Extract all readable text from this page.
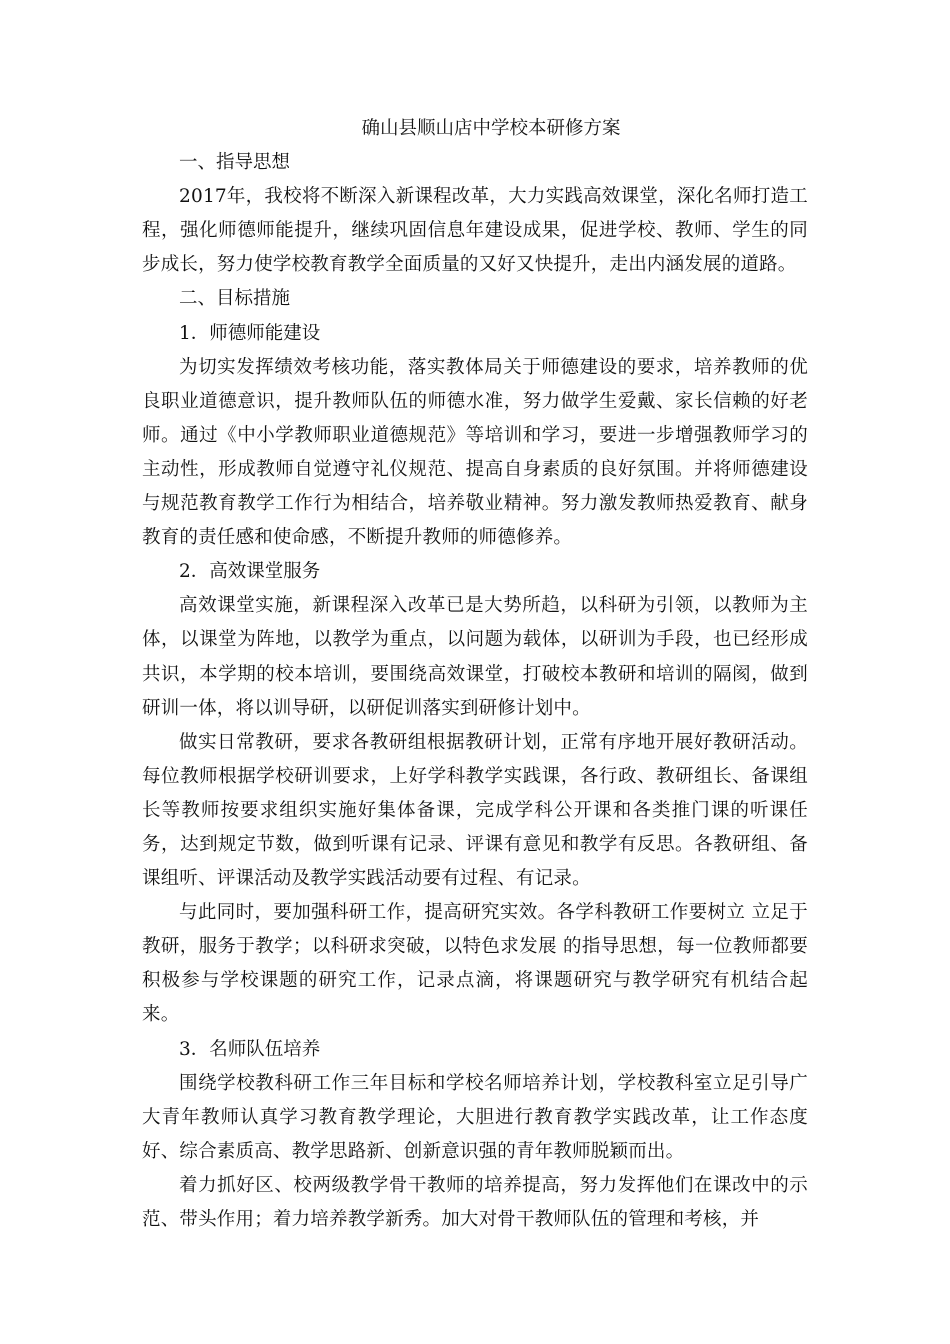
确山县顺山店中学校本研修方案

一、指导思想

2017年，我校将不断深入新课程改革，大力实践高效课堂，深化名师打造工程，强化师德师能提升，继续巩固信息年建设成果，促进学校、教师、学生的同步成长，努力使学校教育教学全面质量的又好又快提升，走出内涵发展的道路。

二、目标措施

1．师德师能建设

为切实发挥绩效考核功能，落实教体局关于师德建设的要求，培养教师的优良职业道德意识，提升教师队伍的师德水准，努力做学生爱戴、家长信赖的好老师。通过《中小学教师职业道德规范》等培训和学习，要进一步增强教师学习的主动性，形成教师自觉遵守礼仪规范、提高自身素质的良好氛围。并将师德建设与规范教育教学工作行为相结合，培养敬业精神。努力激发教师热爱教育、献身教育的责任感和使命感，不断提升教师的师德修养。

2．高效课堂服务

高效课堂实施，新课程深入改革已是大势所趋，以科研为引领，以教师为主体，以课堂为阵地，以教学为重点，以问题为载体，以研训为手段，也已经形成共识，本学期的校本培训，要围绕高效课堂，打破校本教研和培训的隔阂，做到研训一体，将以训导研，以研促训落实到研修计划中。

做实日常教研，要求各教研组根据教研计划，正常有序地开展好教研活动。每位教师根据学校研训要求，上好学科教学实践课，各行政、教研组长、备课组长等教师按要求组织实施好集体备课，完成学科公开课和各类推门课的听课任务，达到规定节数，做到听课有记录、评课有意见和教学有反思。各教研组、备课组听、评课活动及教学实践活动要有过程、有记录。

与此同时，要加强科研工作，提高研究实效。各学科教研工作要树立 立足于教研，服务于教学；以科研求突破，以特色求发展 的指导思想，每一位教师都要积极参与学校课题的研究工作，记录点滴，将课题研究与教学研究有机结合起来。

3．名师队伍培养

围绕学校教科研工作三年目标和学校名师培养计划，学校教科室立足引导广大青年教师认真学习教育教学理论，大胆进行教育教学实践改革，让工作态度好、综合素质高、教学思路新、创新意识强的青年教师脱颖而出。

着力抓好区、校两级教学骨干教师的培养提高，努力发挥他们在课改中的示范、带头作用；着力培养教学新秀。加大对骨干教师队伍的管理和考核，并
